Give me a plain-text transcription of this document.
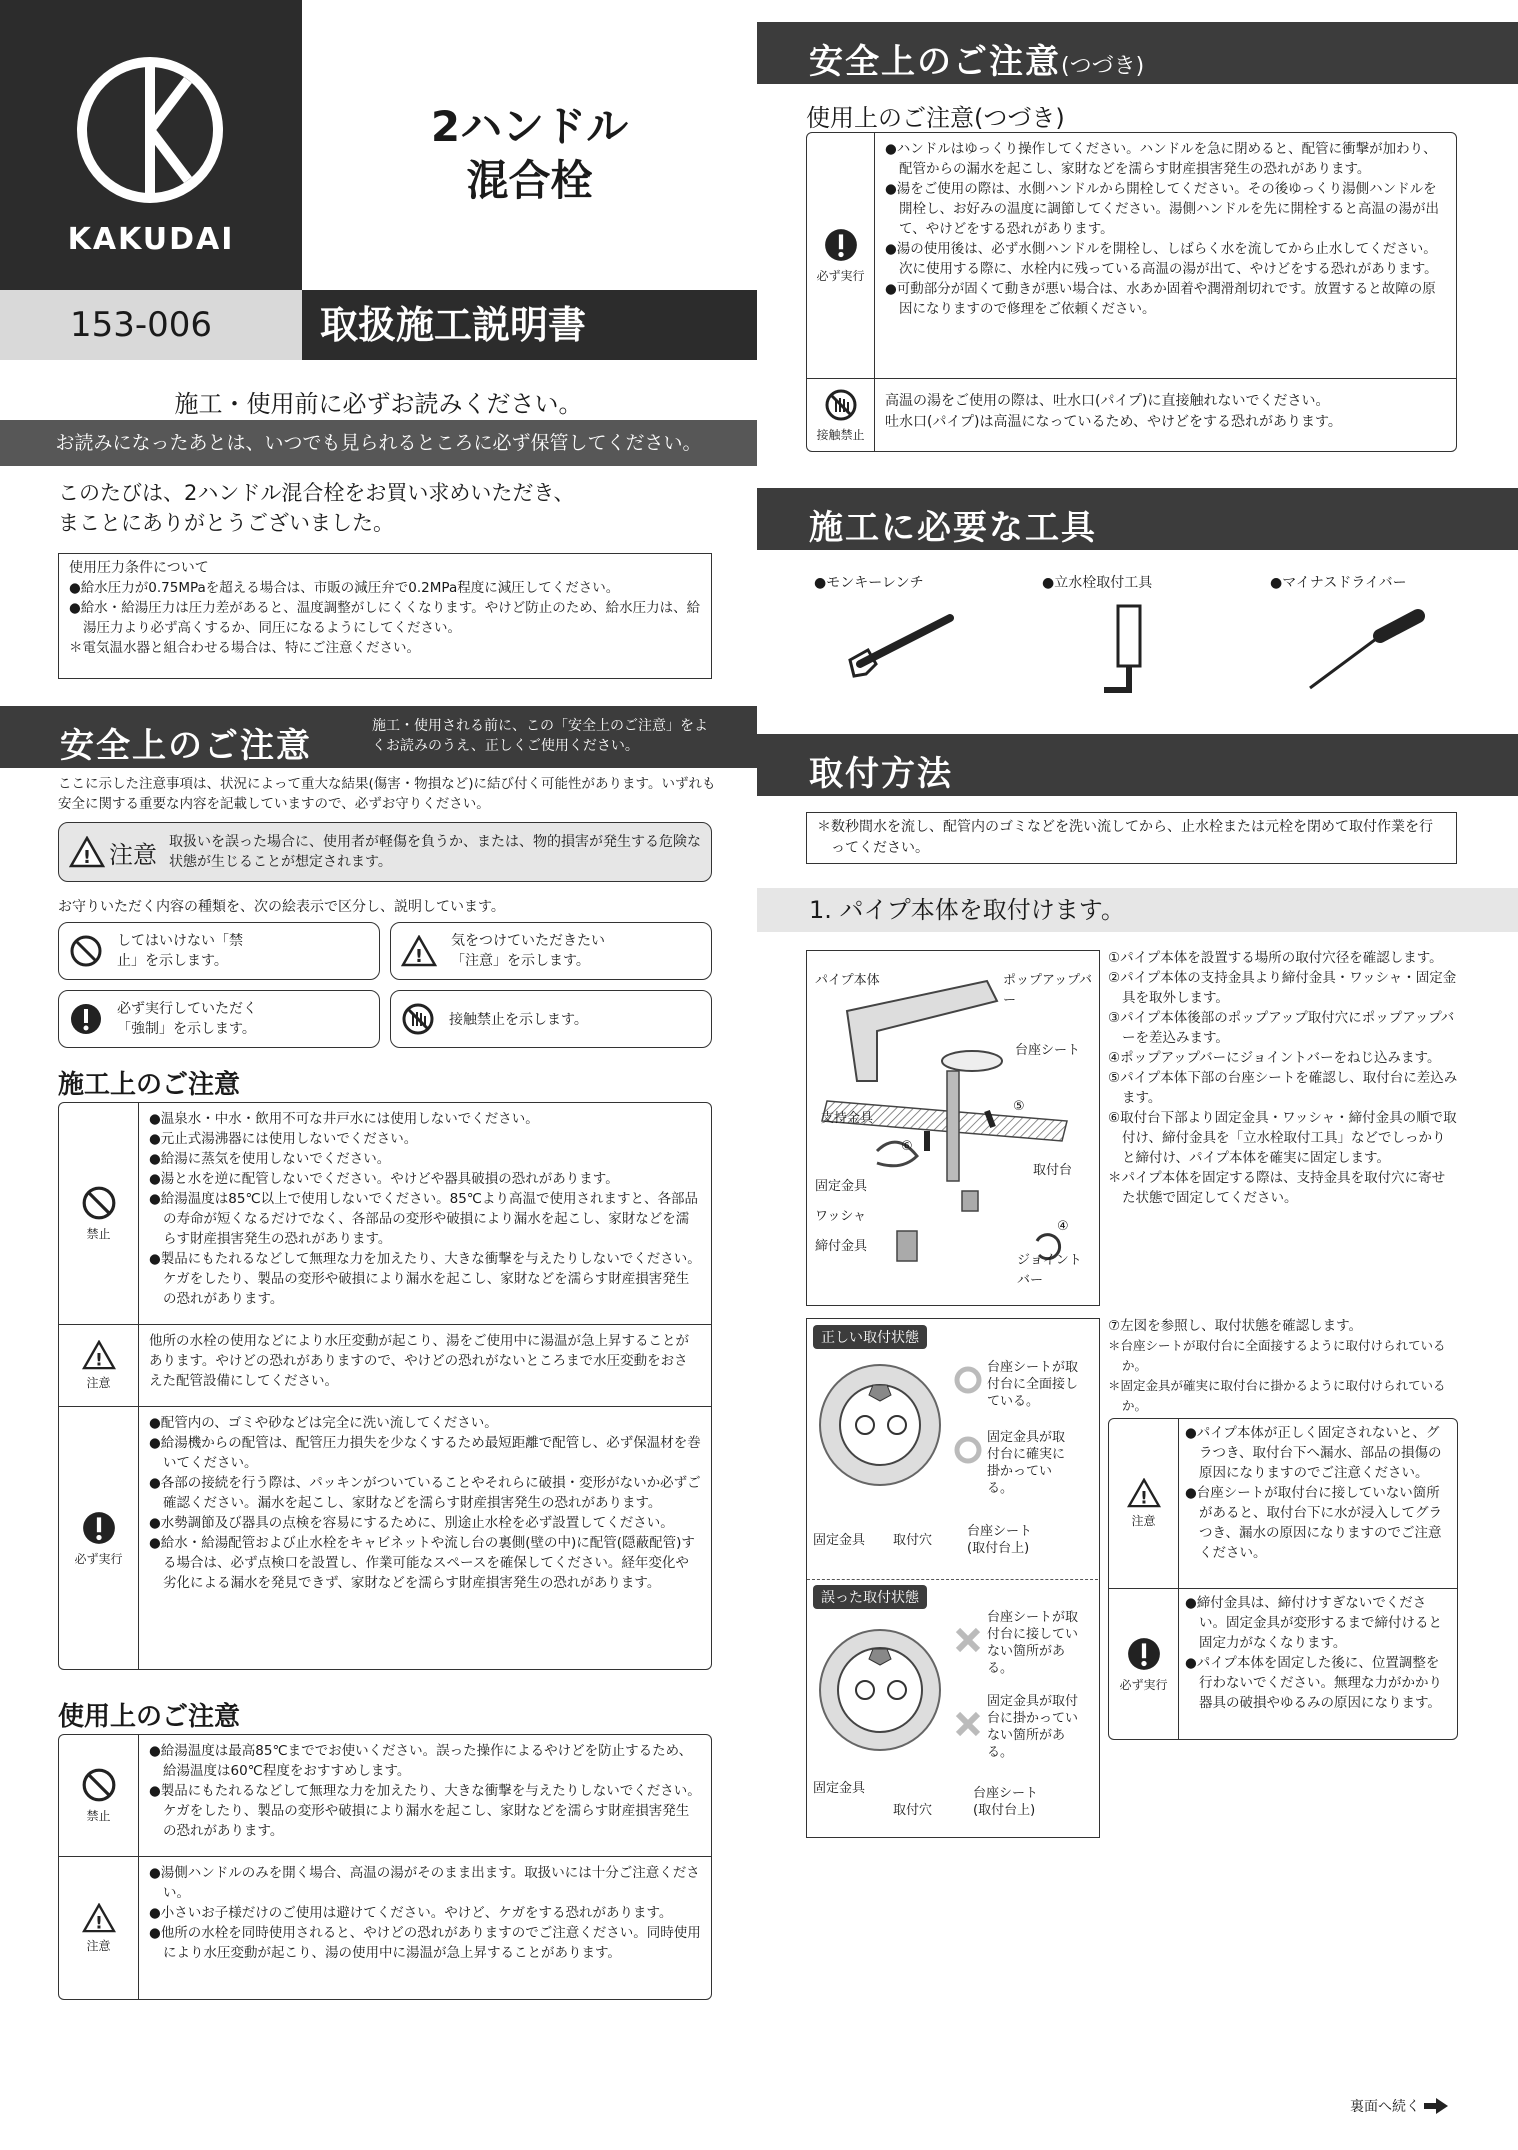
KAKUDAI
2ハンドル
混合栓
153-006	取扱施工説明書
施工・使用前に必ずお読みください。
お読みになったあとは、いつでも見られるところに必ず保管してください。
このたびは、2ハンドル混合栓をお買い求めいただき、
まことにありがとうございました。
使用圧力条件について
●給水圧力が0.75MPaを超える場合は、市販の減圧弁で0.2MPa程度に減圧してください。
●給水・給湯圧力は圧力差があると、温度調整がしにくくなります。やけど防止のため、給水圧力は、給湯圧力より必ず高くするか、同圧になるようにしてください。
＊電気温水器と組合わせる場合は、特にご注意ください。
安全上のご注意	施工・使用される前に、この「安全上のご注意」をよくお読みのうえ、正しくご使用ください。
ここに示した注意事項は、状況によって重大な結果(傷害・物損など)に結び付く可能性があります。いずれも安全に関する重要な内容を記載していますので、必ずお守りください。
! 注意 取扱いを誤った場合に、使用者が軽傷を負うか、または、物的損害が発生する危険な状態が生じることが想定されます。
お守りいただく内容の種類を、次の絵表示で区分し、説明しています。
してはいけない「禁止」を示します。	!
気をつけていただきたい「注意」を示します。
必ず実行していただく「強制」を示します。
接触禁止を示します。
施工上のご注意
禁止
●温泉水・中水・飲用不可な井戸水には使用しないでください。
●元止式湯沸器には使用しないでください。
●給湯に蒸気を使用しないでください。
●湯と水を逆に配管しないでください。やけどや器具破損の恐れがあります。
●給湯温度は85℃以上で使用しないでください。85℃より高温で使用されますと、各部品の寿命が短くなるだけでなく、各部品の変形や破損により漏水を起こし、家財などを濡らす財産損害発生の恐れがあります。
●製品にもたれるなどして無理な力を加えたり、大きな衝撃を与えたりしないでください。ケガをしたり、製品の変形や破損により漏水を起こし、家財などを濡らす財産損害発生の恐れがあります。
!
注意
他所の水栓の使用などにより水圧変動が起こり、湯をご使用中に湯温が急上昇することがあります。やけどの恐れがありますので、やけどの恐れがないところまで水圧変動をおさえた配管設備にしてください。
必ず実行
●配管内の、ゴミや砂などは完全に洗い流してください。
●給湯機からの配管は、配管圧力損失を少なくするため最短距離で配管し、必ず保温材を巻いてください。
●各部の接続を行う際は、パッキンがついていることやそれらに破損・変形がないか必ずご確認ください。漏水を起こし、家財などを濡らす財産損害発生の恐れがあります。
●水勢調節及び器具の点検を容易にするために、別途止水栓を必ず設置してください。
●給水・給湯配管および止水栓をキャビネットや流し台の裏側(壁の中)に配管(隠蔽配管)する場合は、必ず点検口を設置し、作業可能なスペースを確保してください。経年変化や劣化による漏水を発見できず、家財などを濡らす財産損害発生の恐れがあります。
使用上のご注意
禁止
●給湯温度は最高85℃まででお使いください。誤った操作によるやけどを防止するため、給湯温度は60℃程度をおすすめします。
●製品にもたれるなどして無理な力を加えたり、大きな衝撃を与えたりしないでください。ケガをしたり、製品の変形や破損により漏水を起こし、家財などを濡らす財産損害発生の恐れがあります。
!
注意
●湯側ハンドルのみを開く場合、高温の湯がそのまま出ます。取扱いには十分ご注意ください。
●小さいお子様だけのご使用は避けてください。やけど、ケガをする恐れがあります。
●他所の水栓を同時使用されると、やけどの恐れがありますのでご注意ください。同時使用により水圧変動が起こり、湯の使用中に湯温が急上昇することがあります。
安全上のご注意(つづき)
使用上のご注意(つづき)
必ず実行
●ハンドルはゆっくり操作してください。ハンドルを急に閉めると、配管に衝撃が加わり、配管からの漏水を起こし、家財などを濡らす財産損害発生の恐れがあります。
●湯をご使用の際は、水側ハンドルから開栓してください。その後ゆっくり湯側ハンドルを開栓し、お好みの温度に調節してください。湯側ハンドルを先に開栓すると高温の湯が出て、やけどをする恐れがあります。
●湯の使用後は、必ず水側ハンドルを開栓し、しばらく水を流してから止水してください。次に使用する際に、水栓内に残っている高温の湯が出て、やけどをする恐れがあります。
●可動部分が固くて動きが悪い場合は、水あか固着や潤滑剤切れです。放置すると故障の原因になりますので修理をご依頼ください。
接触禁止
高温の湯をご使用の際は、吐水口(パイプ)に直接触れないでください。
吐水口(パイプ)は高温になっているため、やけどをする恐れがあります。
施工に必要な工具
●モンキーレンチ	●立水栓取付工具	●マイナスドライバー
取付方法
＊数秒間水を流し、配管内のゴミなどを洗い流してから、止水栓または元栓を閉めて取付作業を行ってください。
1. パイプ本体を取付けます。
パイプ本体	ポップアップバー
台座シート
⑤
支持金具
⑥
取付台
固定金具
ワッシャ
④
締付金具
ジョイントバー
①パイプ本体を設置する場所の取付穴径を確認します。
②パイプ本体の支持金具より締付金具・ワッシャ・固定金具を取外します。
③パイプ本体後部のポップアップ取付穴にポップアップバーを差込みます。
④ポップアップバーにジョイントバーをねじ込みます。
⑤パイプ本体下部の台座シートを確認し、取付台に差込みます。
⑥取付台下部より固定金具・ワッシャ・締付金具の順で取付け、締付金具を「立水栓取付工具」などでしっかりと締付け、パイプ本体を確実に固定します。
＊パイプ本体を固定する際は、支持金具を取付穴に寄せた状態で固定してください。
正しい取付状態
台座シートが取付台に全面接している。
固定金具が取付台に確実に掛かっている。
固定金具 取付穴
台座シート
(取付台上)
誤った取付状態
台座シートが取付台に接していない箇所がある。
固定金具が取付台に掛かっていない箇所がある。
固定金具
取付穴
台座シート
(取付台上)
⑦左図を参照し、取付状態を確認します。
＊台座シートが取付台に全面接するように取付けられているか。
＊固定金具が確実に取付台に掛かるように取付けられているか。
!
注意
●パイプ本体が正しく固定されないと、グラつき、取付台下へ漏水、部品の損傷の原因になりますのでご注意ください。
●台座シートが取付台に接していない箇所があると、取付台下に水が浸入してグラつき、漏水の原因になりますのでご注意ください。
必ず実行
●締付金具は、締付けすぎないでください。固定金具が変形するまで締付けると固定力がなくなります。
●パイプ本体を固定した後に、位置調整を行わないでください。無理な力がかかり器具の破損やゆるみの原因になります。
裏面へ続く
